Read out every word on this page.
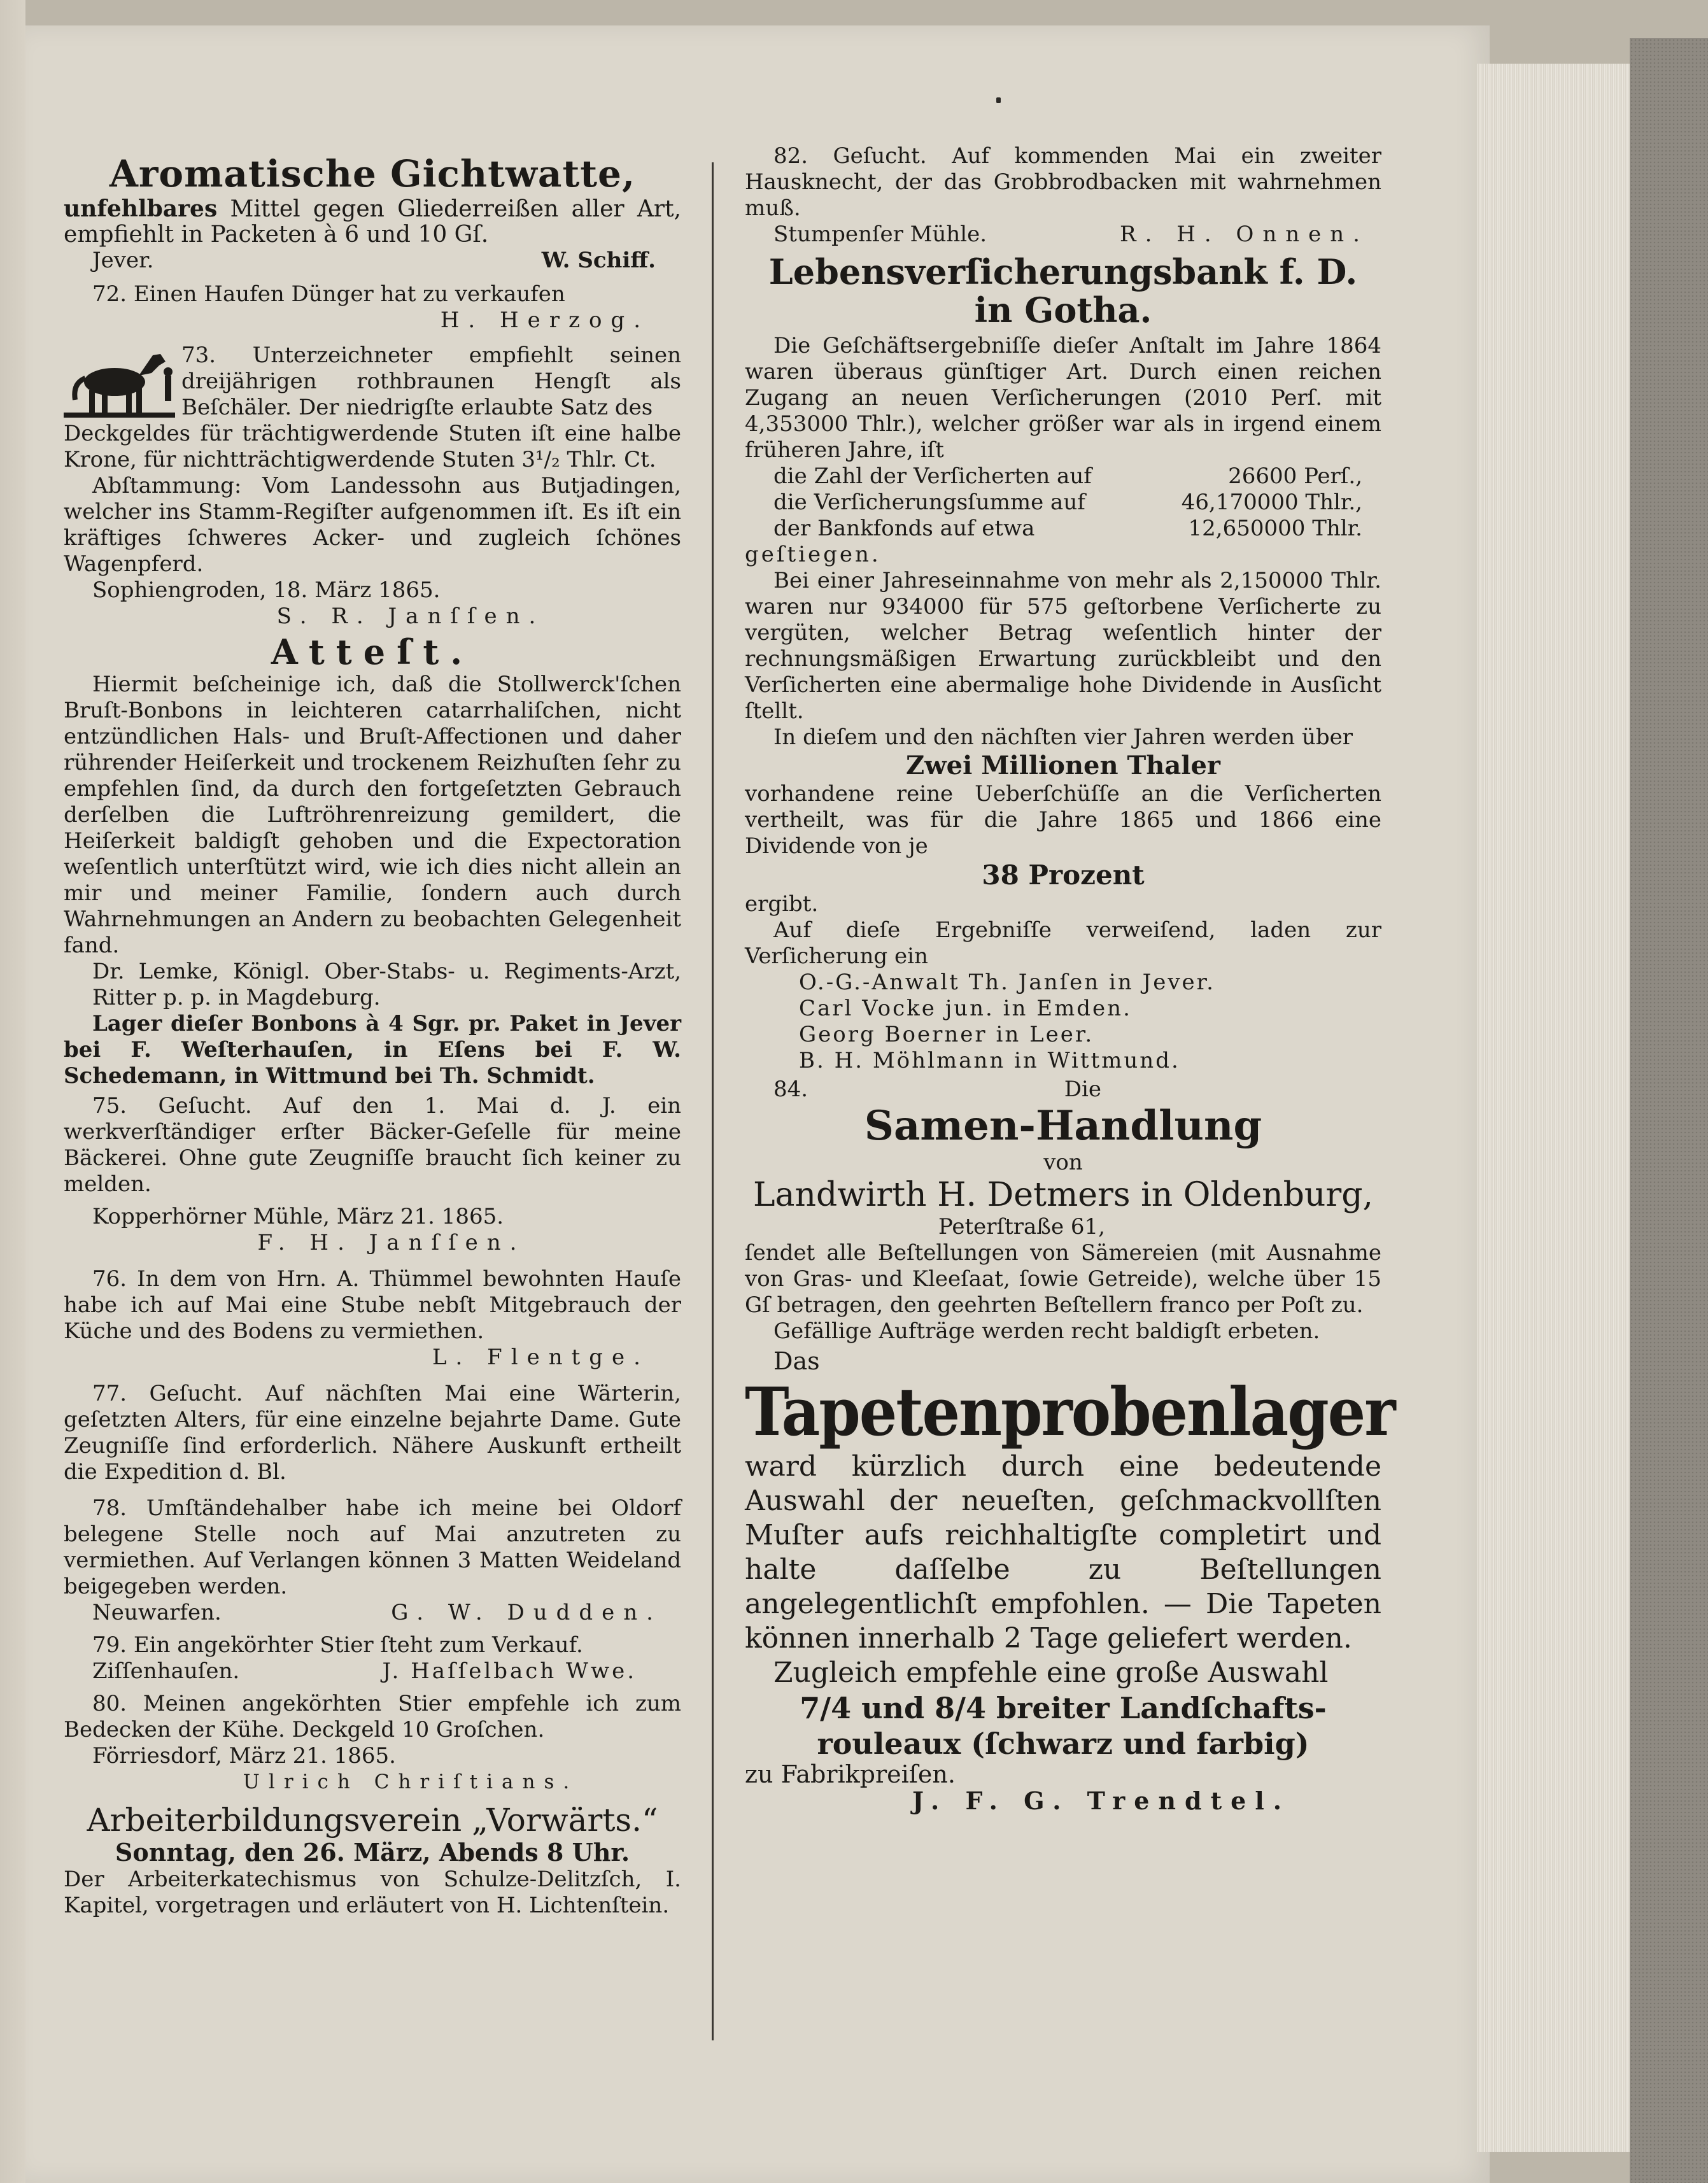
Aromatische Gichtwatte,

unfehlbares Mittel gegen Gliederreißen aller Art, empfiehlt in Packeten à 6 und 10 Gſ.

Jever.	W. Schiff.

72. Einen Haufen Dünger hat zu verkaufen

H. Herzog.

73. Unterzeichneter empfiehlt seinen dreijährigen rothbraunen Hengſt als Beſchäler. Der niedrigſte erlaubte Satz des

Deckgeldes für trächtigwerdende Stuten iſt eine halbe Krone, für nichtträchtigwerdende Stuten 3¹/₂ Thlr. Ct.

Abſtammung: Vom Landessohn aus Butjadingen, welcher ins Stamm-Regiſter aufgenommen iſt. Es iſt ein kräftiges ſchweres Acker- und zugleich ſchönes Wagenpferd.

Sophiengroden, 18. März 1865.

S. R. Janſſen.

Atteſt.

Hiermit beſcheinige ich, daß die Stollwerck'ſchen Bruſt-Bonbons in leichteren catarrhaliſchen, nicht entzündlichen Hals- und Bruſt-Affectionen und daher rührender Heiſerkeit und trockenem Reizhuſten ſehr zu empfehlen ſind, da durch den fortgeſetzten Gebrauch derſelben die Luftröhrenreizung gemildert, die Heiſerkeit baldigſt gehoben und die Expectoration weſentlich unterſtützt wird, wie ich dies nicht allein an mir und meiner Familie, ſondern auch durch Wahrnehmungen an Andern zu beobachten Gelegenheit fand.

Dr. Lemke, Königl. Ober-Stabs- u. Regiments-Arzt, Ritter p. p. in Magdeburg.

Lager dieſer Bonbons à 4 Sgr. pr. Paket in Jever bei F. Weſterhauſen, in Eſens bei F. W. Schedemann, in Wittmund bei Th. Schmidt.

75. Geſucht. Auf den 1. Mai d. J. ein werkverſtändiger erſter Bäcker-Geſelle für meine Bäckerei. Ohne gute Zeugniſſe braucht ſich keiner zu melden.

Kopperhörner Mühle, März 21. 1865.

F. H. Janſſen.

76. In dem von Hrn. A. Thümmel bewohnten Hauſe habe ich auf Mai eine Stube nebſt Mitgebrauch der Küche und des Bodens zu vermiethen.

L. Flentge.

77. Geſucht. Auf nächſten Mai eine Wärterin, geſetzten Alters, für eine einzelne bejahrte Dame. Gute Zeugniſſe ſind erforderlich. Nähere Auskunft ertheilt die Expedition d. Bl.

78. Umſtändehalber habe ich meine bei Oldorf belegene Stelle noch auf Mai anzutreten zu vermiethen. Auf Verlangen können 3 Matten Weideland beigegeben werden.

Neuwarfen.	G. W. Dudden.

79. Ein angekörhter Stier ſteht zum Verkauf.

Ziſſenhauſen.	J. Haſſelbach Wwe.

80. Meinen angekörhten Stier empfehle ich zum Bedecken der Kühe. Deckgeld 10 Groſchen.

Förriesdorf, März 21. 1865.

Ulrich Chriſtians.

Arbeiterbildungsverein „Vorwärts.“

Sonntag, den 26. März, Abends 8 Uhr.

Der Arbeiterkatechismus von Schulze-Delitzſch, I. Kapitel, vorgetragen und erläutert von H. Lichtenſtein.

82. Geſucht. Auf kommenden Mai ein zweiter Hausknecht, der das Grobbrodbacken mit wahrnehmen muß.

Stumpenſer Mühle.	R. H. Onnen.

Lebensverſicherungsbank f. D.

in Gotha.

Die Geſchäftsergebniſſe dieſer Anſtalt im Jahre 1864 waren überaus günſtiger Art. Durch einen reichen Zugang an neuen Verſicherungen (2010 Perſ. mit 4,353000 Thlr.), welcher größer war als in irgend einem früheren Jahre, iſt

die Zahl der Verſicherten auf	26600 Perſ.,
die Verſicherungsſumme auf	46,170000 Thlr.,
der Bankfonds auf etwa	12,650000 Thlr.

geſtiegen.

Bei einer Jahreseinnahme von mehr als 2,150000 Thlr. waren nur 934000 für 575 geſtorbene Verſicherte zu vergüten, welcher Betrag weſentlich hinter der rechnungsmäßigen Erwartung zurückbleibt und den Verſicherten eine abermalige hohe Dividende in Ausſicht ſtellt.

In dieſem und den nächſten vier Jahren werden über

Zwei Millionen Thaler

vorhandene reine Ueberſchüſſe an die Verſicherten vertheilt, was für die Jahre 1865 und 1866 eine Dividende von je

38 Prozent

ergibt.

Auf dieſe Ergebniſſe verweiſend, laden zur Verſicherung ein

O.-G.-Anwalt Th. Janſen in Jever.

Carl Vocke jun. in Emden.

Georg Boerner in Leer.

B. H. Möhlmann in Wittmund.

84.	Die

Samen-Handlung

von

Landwirth H. Detmers in Oldenburg,

Peterſtraße 61,

ſendet alle Beſtellungen von Sämereien (mit Ausnahme von Gras- und Kleeſaat, ſowie Getreide), welche über 15 Gſ betragen, den geehrten Beſtellern franco per Poſt zu.

Gefällige Aufträge werden recht baldigſt erbeten.

Das

Tapetenprobenlager

ward kürzlich durch eine bedeutende Auswahl der neueſten, geſchmackvollſten Muſter aufs reichhaltigſte completirt und halte daſſelbe zu Beſtellungen angelegentlichſt empfohlen. — Die Tapeten können innerhalb 2 Tage geliefert werden.

Zugleich empfehle eine große Auswahl

7/4 und 8/4 breiter Landſchafts-rouleaux (ſchwarz und farbig)

zu Fabrikpreiſen.

J. F. G. Trendtel.
